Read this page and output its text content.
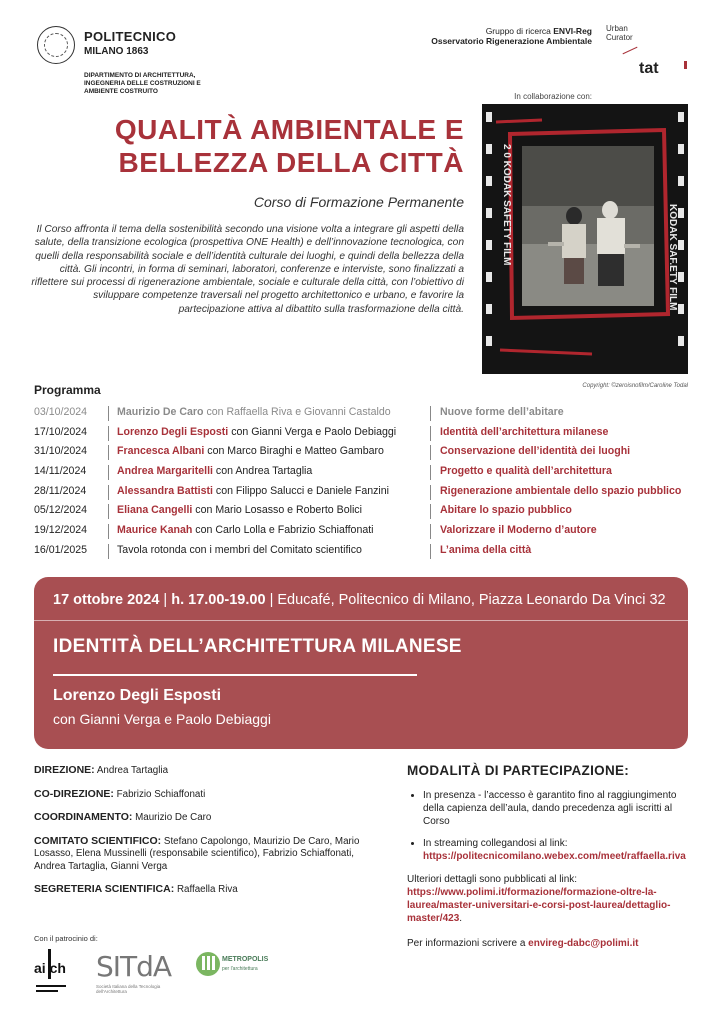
POLITECNICO
MILANO 1863
DIPARTIMENTO DI ARCHITETTURA, INGEGNERIA DELLE COSTRUZIONI E AMBIENTE COSTRUITO
Gruppo di ricerca ENVI-Reg
Osservatorio Rigenerazione Ambientale
Urban
Curator
tat
In collaborazione con:
QUALITÀ AMBIENTALE E
BELLEZZA DELLA CITTÀ
Corso di Formazione Permanente
Il Corso affronta il tema della sostenibilità secondo una visione volta a integrare gli aspetti della salute, della transizione ecologica (prospettiva ONE Health) e dell’innovazione tecnologica, con quelli della responsabilità sociale e dell’identità culturale dei luoghi, e quindi della bellezza della città. Gli incontri, in forma di seminari, laboratori, conferenze e interviste, sono finalizzati a riflettere sui processi di rigenerazione ambientale, sociale e culturale della città, con l’obiettivo di sviluppare competenze traversali nel progetto architettonico e urbano, e favorire la partecipazione attiva al dibattito sulla trasformazione della città.
2 0 KODAK SAFETY FILM	KODAK SAF.ETY FILM
Copyright: ©zeroisnofilm/Caroline Todal
Programma
03/10/2024	Maurizio De Caro con Raffaella Riva e Giovanni Castaldo	Nuove forme dell’abitare
17/10/2024	Lorenzo Degli Esposti con Gianni Verga e Paolo Debiaggi	Identità dell’architettura milanese
31/10/2024	Francesca Albani con Marco Biraghi e Matteo Gambaro	Conservazione dell’identità dei luoghi
14/11/2024	Andrea Margaritelli con Andrea Tartaglia	Progetto e qualità dell’architettura
28/11/2024	Alessandra Battisti con Filippo Salucci e Daniele Fanzini	Rigenerazione ambientale dello spazio pubblico
05/12/2024	Eliana Cangelli con Mario Losasso e Roberto Bolici	Abitare lo spazio pubblico
19/12/2024	Maurice Kanah con Carlo Lolla e Fabrizio Schiaffonati	Valorizzare il Moderno d’autore
16/01/2025	Tavola rotonda con i membri del Comitato scientifico	L’anima della città
17 ottobre 2024 | h. 17.00-19.00 | Educafé, Politecnico di Milano, Piazza Leonardo Da Vinci 32
IDENTITÀ DELL’ARCHITETTURA MILANESE
Lorenzo Degli Esposti
con Gianni Verga e Paolo Debiaggi

DIREZIONE: Andrea Tartaglia

CO-DIREZIONE: Fabrizio Schiaffonati

COORDINAMENTO: Maurizio De Caro

COMITATO SCIENTIFICO: Stefano Capolongo, Maurizio De Caro, Mario Losasso, Elena Mussinelli (responsabile scientifico), Fabrizio Schiaffonati, Andrea Tartaglia, Gianni Verga

SEGRETERIA SCIENTIFICA: Raffaella Riva

MODALITÀ DI PARTECIPAZIONE:
• In presenza - l’accesso è garantito fino al raggiungimento della capienza dell’aula, dando precedenza agli iscritti al Corso
• In streaming collegandosi al link: https://politecnicomilano.webex.com/meet/raffaella.riva

Ulteriori dettagli sono pubblicati al link: https://www.polimi.it/formazione/formazione-oltre-la-laurea/master-universitari-e-corsi-post-laurea/dettaglio-master/423.

Per informazioni scrivere a envireg-dabc@polimi.it

Con il patrocinio di:
ai ch SITdA
Società Italiana della Tecnologia dell'Architettura
METROPOLIS
per l'architettura
